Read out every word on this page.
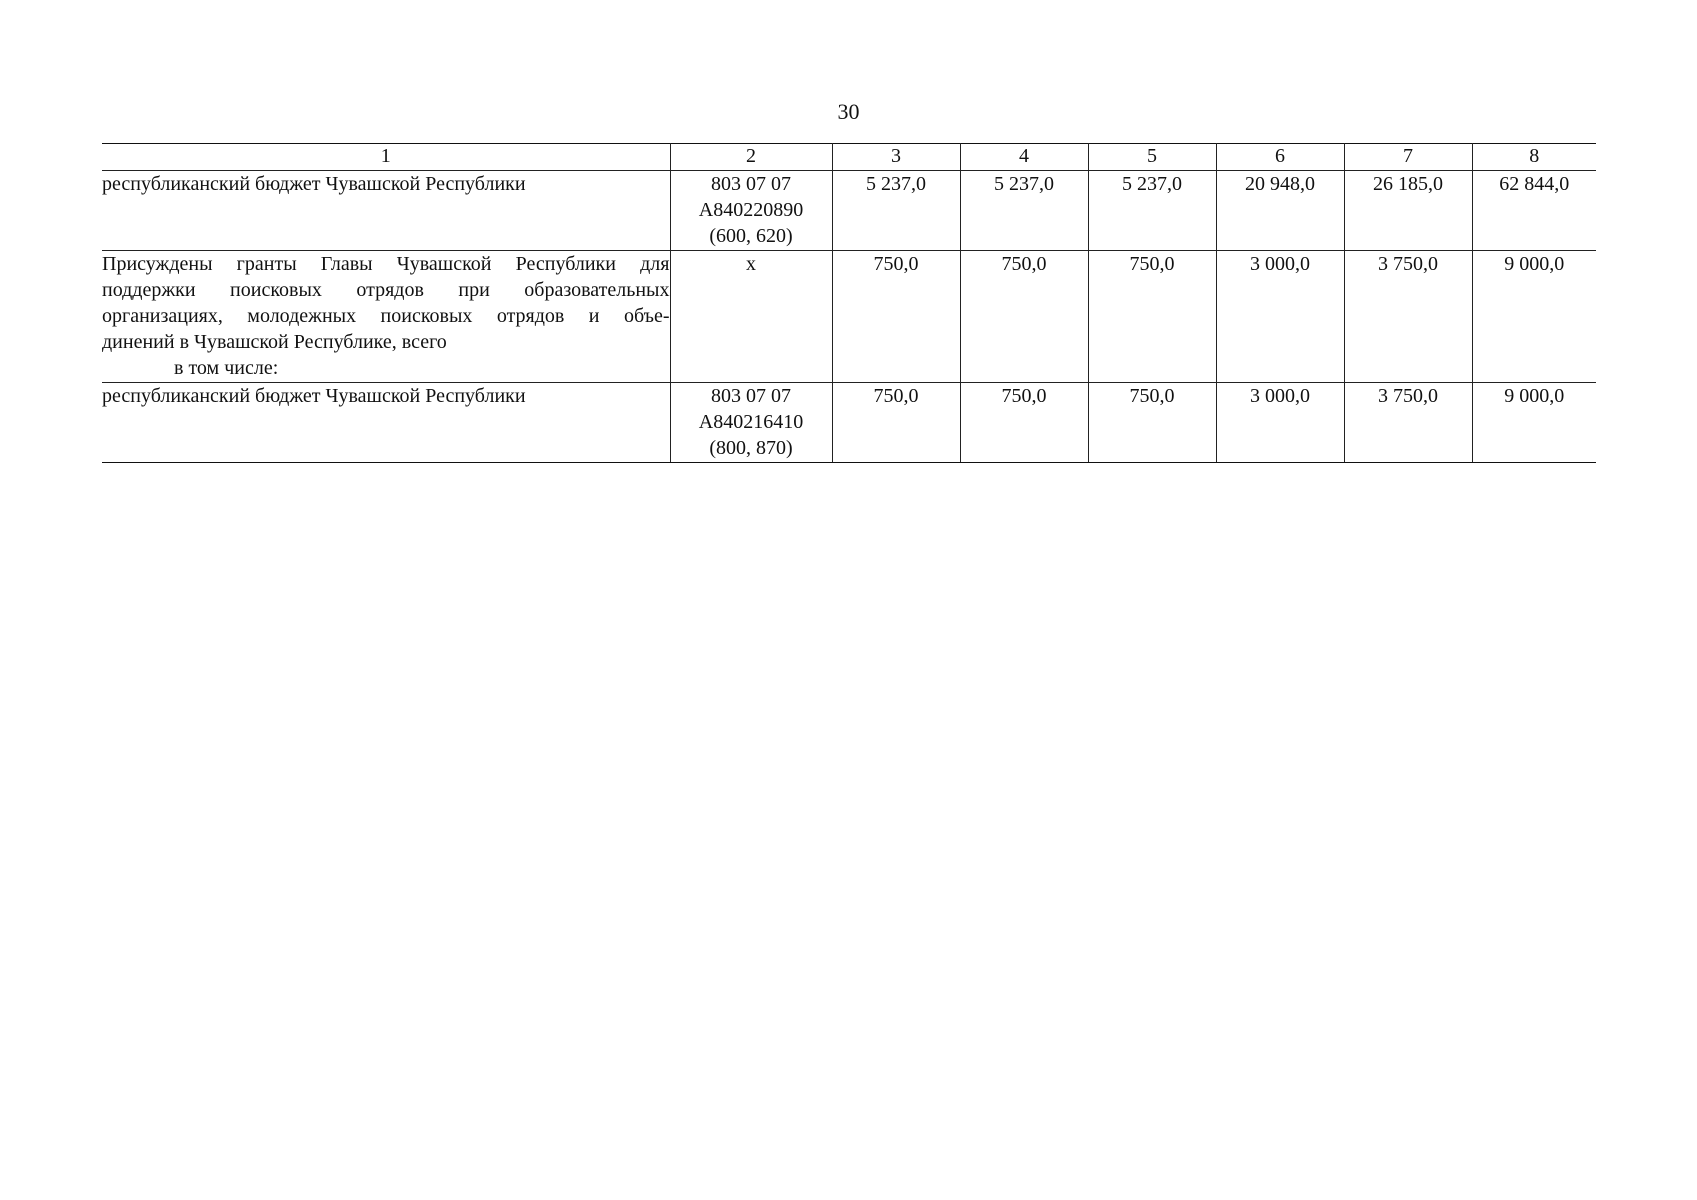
30
1	2	3	4	5	6	7	8

республиканский бюджет Чувашской Республики	803 07 07
А840220890
(600, 620)	5 237,0	5 237,0	5 237,0	20 948,0	26 185,0	62 844,0

Присуждены гранты Главы Чувашской Республики для
поддержки поисковых отрядов при образовательных
организациях, молодежных поисковых отрядов и объе-
динений в Чувашской Республике, всего
в том числе:	х	750,0	750,0	750,0	3 000,0	3 750,0	9 000,0

республиканский бюджет Чувашской Республики	803 07 07
А840216410
(800, 870)	750,0	750,0	750,0	3 000,0	3 750,0	9 000,0
